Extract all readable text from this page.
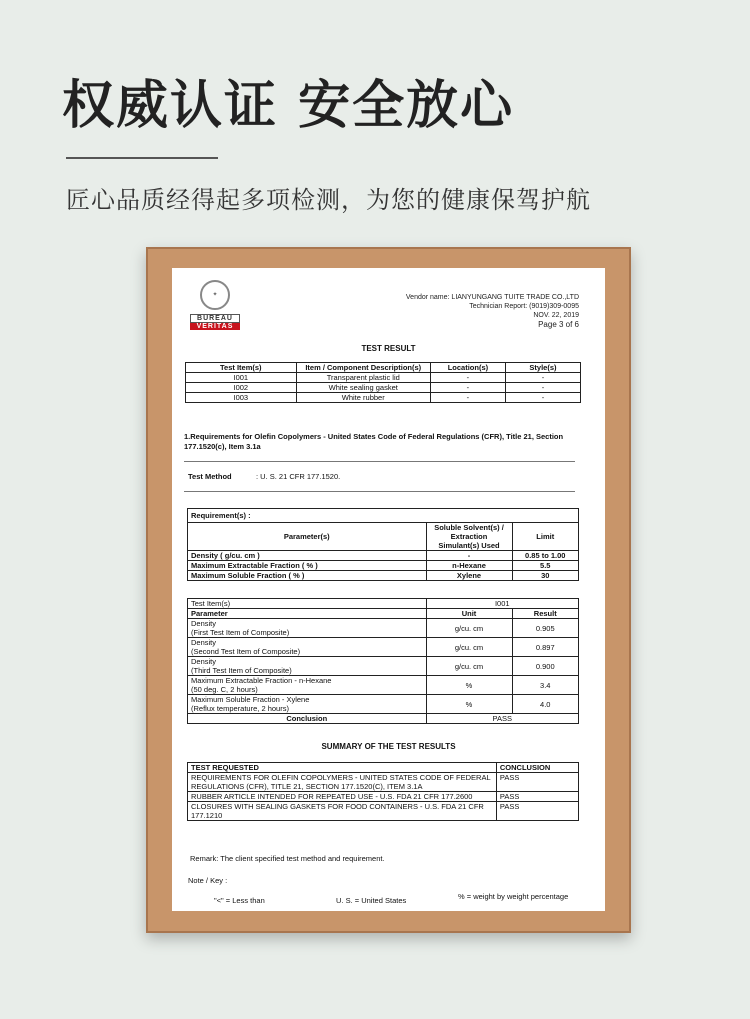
权威认证 安全放心
匠心品质经得起多项检测，为您的健康保驾护航
✦
BUREAU
VERITAS
Vendor name: LIANYUNGANG TUITE TRADE CO.,LTD
Technician Report: (9019)309-0095
NOV. 22, 2019
Page 3 of 6
TEST RESULT
Test Item(s)	Item / Component Description(s)	Location(s)	Style(s)
I001	Transparent plastic lid	-	-
I002	White sealing gasket	-	-
I003	White rubber	-	-
1.Requirements for Olefin Copolymers - United States Code of Federal Regulations (CFR), Title 21, Section 177.1520(c), Item 3.1a
Test Method	: U. S. 21 CFR 177.1520.
Requirement(s) :		
Parameter(s)	Soluble Solvent(s) / Extraction Simulant(s) Used	Limit
Density ( g/cu. cm )	-	0.85 to 1.00
Maximum Extractable Fraction ( % )	n-Hexane	5.5
Maximum Soluble Fraction ( % )	Xylene	30
Test Item(s)	I001	
Parameter	Unit	Result

Density
(First Test Item of Composite)	g/cu. cm	0.905

Density
(Second Test Item of Composite)	g/cu. cm	0.897

Density
(Third Test Item of Composite)	g/cu. cm	0.900

Maximum Extractable Fraction - n-Hexane
(50 deg. C, 2 hours)	%	3.4

Maximum Soluble Fraction - Xylene
(Reflux temperature, 2 hours)	%	4.0
Conclusion	PASS	
SUMMARY OF THE TEST RESULTS
TEST REQUESTED	CONCLUSION
REQUIREMENTS FOR OLEFIN COPOLYMERS - UNITED STATES CODE OF FEDERAL REGULATIONS (CFR), TITLE 21, SECTION 177.1520(C), ITEM 3.1A	PASS
RUBBER ARTICLE INTENDED FOR REPEATED USE - U.S. FDA 21 CFR 177.2600	PASS
CLOSURES WITH SEALING GASKETS FOR FOOD CONTAINERS - U.S. FDA 21 CFR 177.1210	PASS
Remark: The client specified test method and requirement.
Note / Key :
"<" = Less than	U. S. = United States	% = weight by weight percentage
